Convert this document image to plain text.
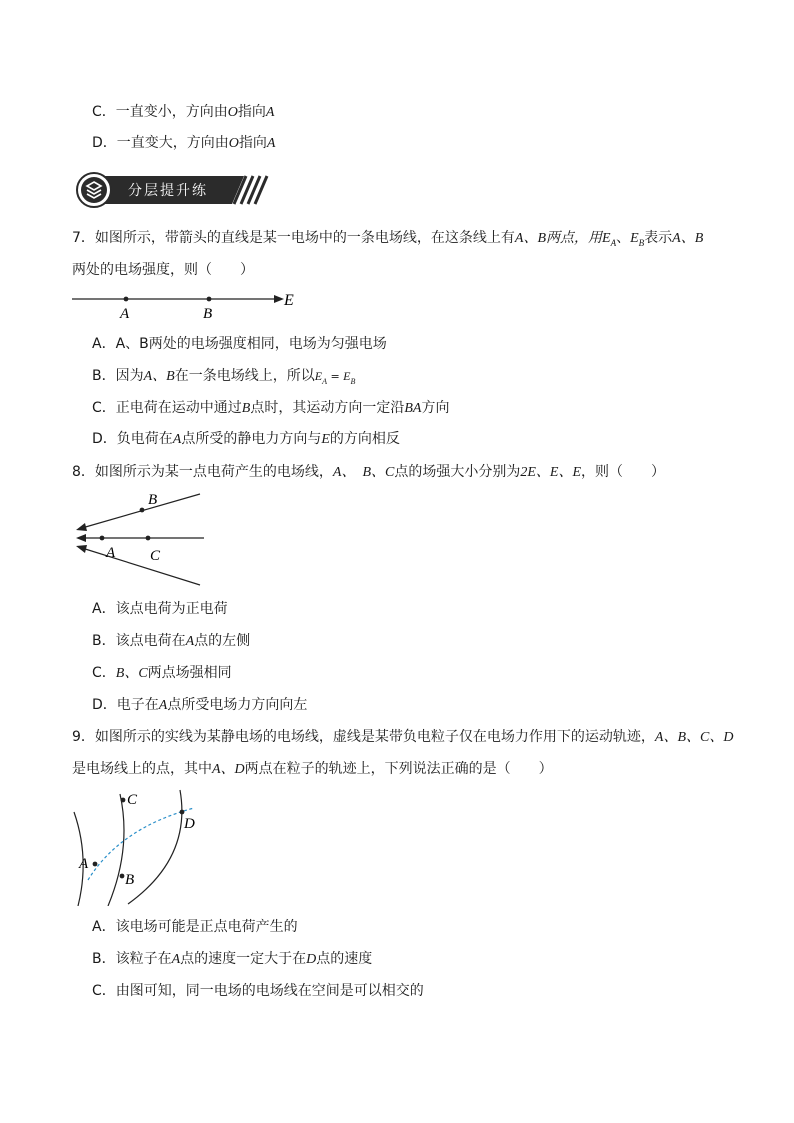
C．一直变小，方向由O指向A
D．一直变大，方向由O指向A
分层提升练
7．如图所示，带箭头的直线是某一电场中的一条电场线，在这条线上有A、B两点，用$E_A$、$E_B$表示A、B
两处的电场强度，则（　　）
A	B
E
A．A、B两处的电场强度相同，电场为匀强电场
B．因为A、B在一条电场线上，所以$E_A = E_B$
C．正电荷在运动中通过B点时，其运动方向一定沿BA方向
D．负电荷在A点所受的静电力方向与E的方向相反
8．如图所示为某一点电荷产生的电场线，A、　B、C点的场强大小分别为2E、E、E，则（　　）
B
A C
A．该点电荷为正电荷
B．该点电荷在A点的左侧
C．B、C两点场强相同
D．电子在A点所受电场力方向向左
9．如图所示的实线为某静电场的电场线，虚线是某带负电粒子仅在电场力作用下的运动轨迹，A、B、C、D
是电场线上的点，其中A、D两点在粒子的轨迹上，下列说法正确的是（　　）
A
B
C
D
A．该电场可能是正点电荷产生的
B．该粒子在A点的速度一定大于在D点的速度
C．由图可知，同一电场的电场线在空间是可以相交的
